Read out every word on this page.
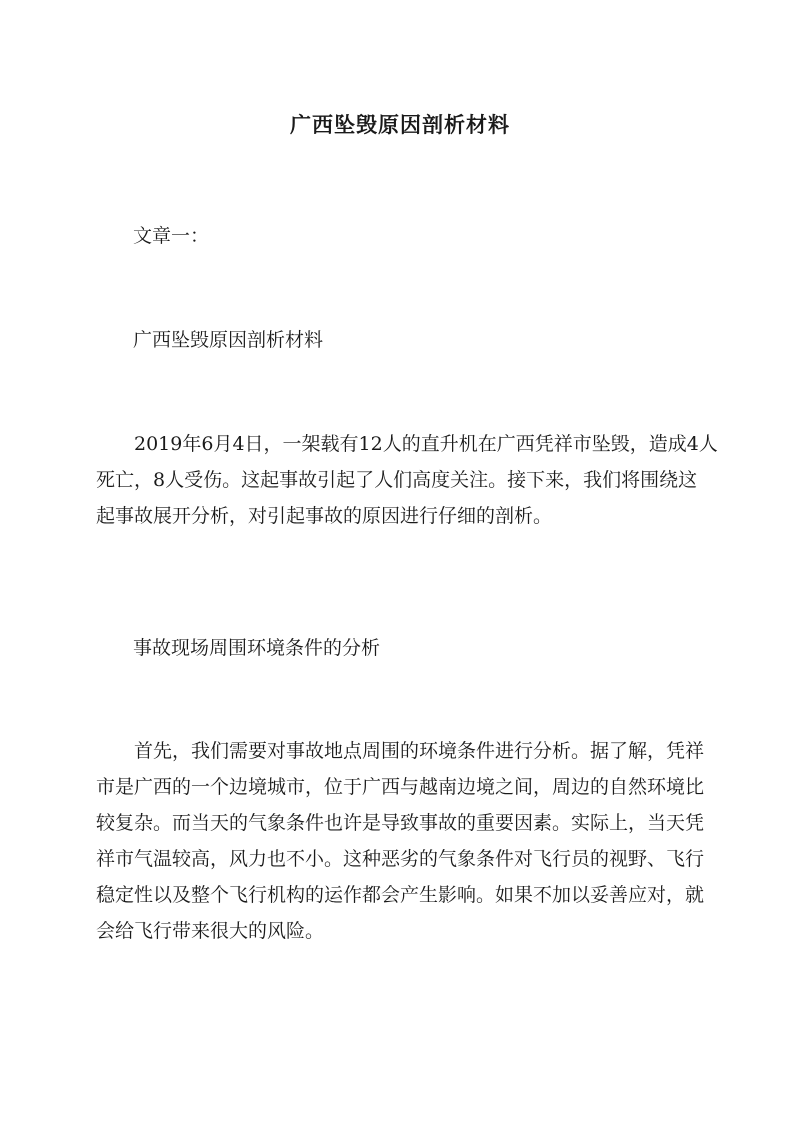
广西坠毁原因剖析材料

文章一：

广西坠毁原因剖析材料

2019年6月4日，一架载有12人的直升机在广西凭祥市坠毁，造成4人
死亡，8人受伤。这起事故引起了人们高度关注。接下来，我们将围绕这
起事故展开分析，对引起事故的原因进行仔细的剖析。

事故现场周围环境条件的分析

首先，我们需要对事故地点周围的环境条件进行分析。据了解，凭祥
市是广西的一个边境城市，位于广西与越南边境之间，周边的自然环境比
较复杂。而当天的气象条件也许是导致事故的重要因素。实际上，当天凭
祥市气温较高，风力也不小。这种恶劣的气象条件对飞行员的视野、飞行
稳定性以及整个飞行机构的运作都会产生影响。如果不加以妥善应对，就
会给飞行带来很大的风险。
